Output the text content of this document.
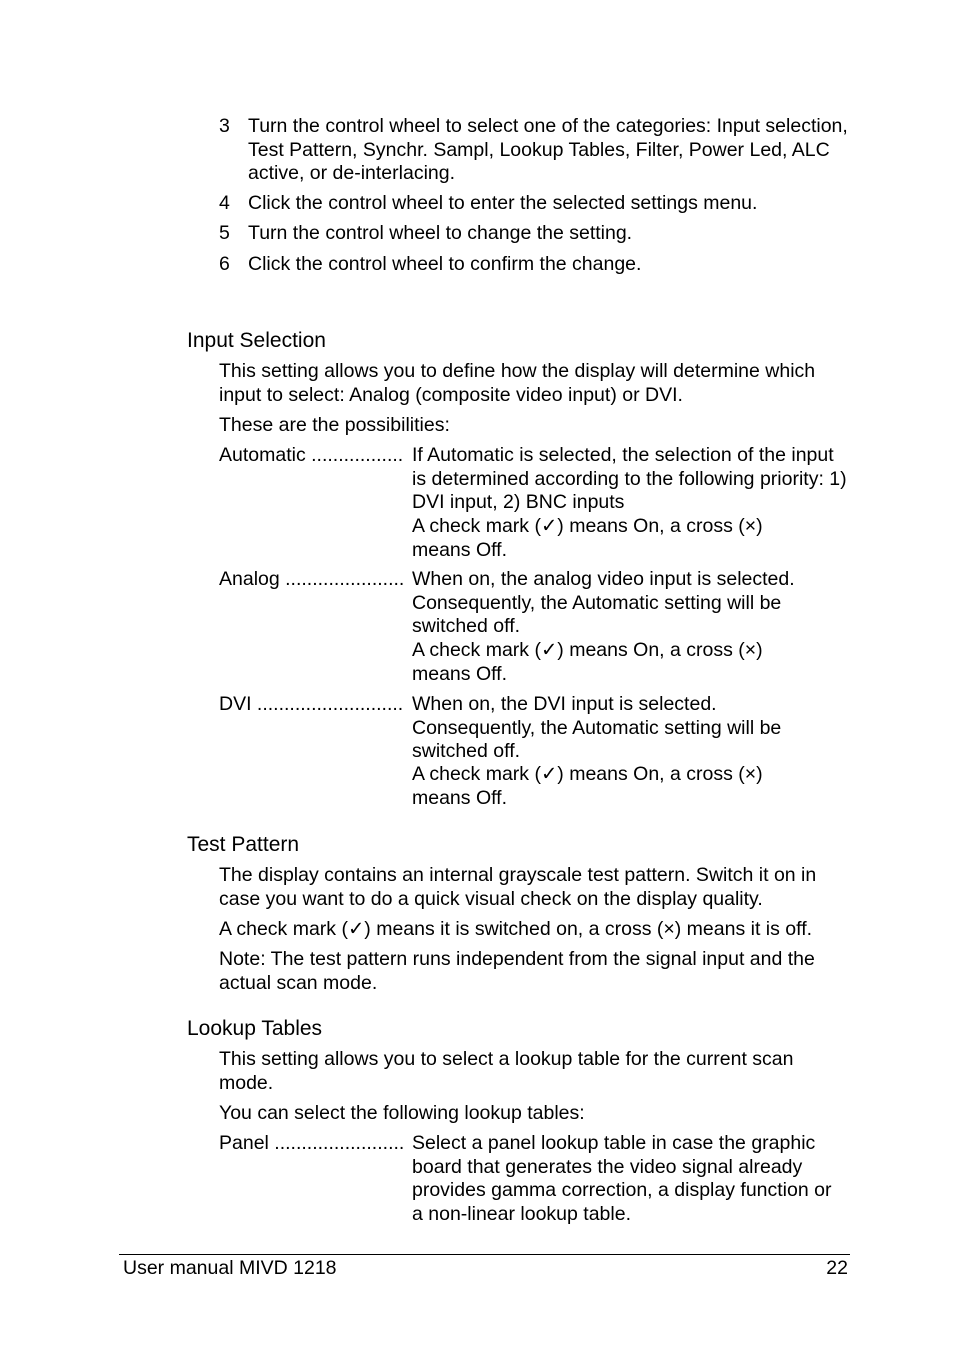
3 Turn the control wheel to select one of the categories: Input selection, Test Pattern, Synchr. Sampl, Lookup Tables, Filter, Power Led, ALC active, or de-interlacing.
4 Click the control wheel to enter the selected settings menu.
5 Turn the control wheel to change the setting.
6 Click the control wheel to confirm the change.
Input Selection
This setting allows you to define how the display will determine which input to select: Analog (composite video input) or DVI.
These are the possibilities:
Automatic ................. If Automatic is selected, the selection of the input is determined according to the following priority: 1) DVI input, 2) BNC inputs
A check mark (✓) means On, a cross (×) means Off.
Analog ...................... When on, the analog video input is selected. Consequently, the Automatic setting will be switched off.
A check mark (✓) means On, a cross (×) means Off.
DVI ........................... When on, the DVI input is selected. Consequently, the Automatic setting will be switched off.
A check mark (✓) means On, a cross (×) means Off.
Test Pattern
The display contains an internal grayscale test pattern. Switch it on in case you want to do a quick visual check on the display quality.
A check mark (✓) means it is switched on, a cross (×) means it is off.
Note: The test pattern runs independent from the signal input and the actual scan mode.
Lookup Tables
This setting allows you to select a lookup table for the current scan mode.
You can select the following lookup tables:
Panel ........................ Select a panel lookup table in case the graphic board that generates the video signal already provides gamma correction, a display function or a non-linear lookup table.
User manual MIVD 1218	22
